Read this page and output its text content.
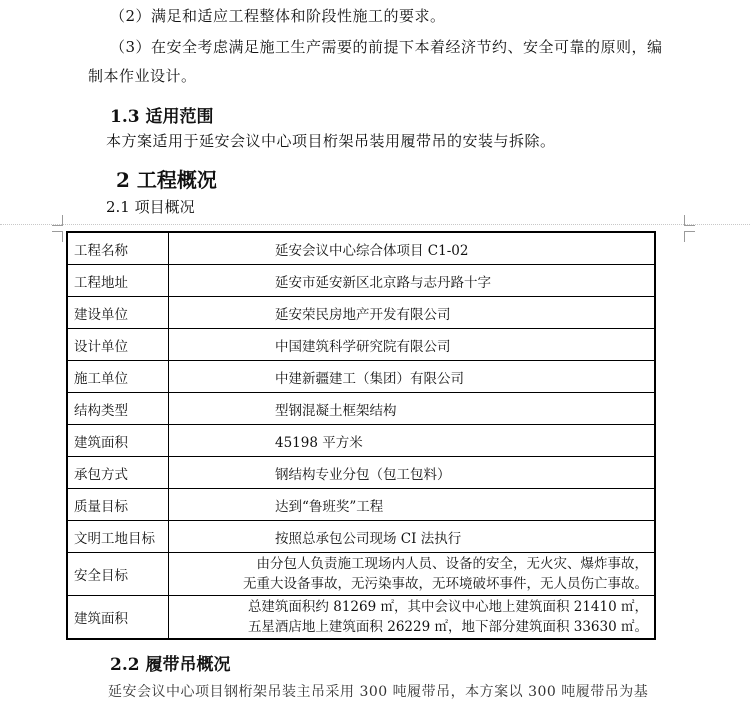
（2）满足和适应工程整体和阶段性施工的要求。
（3）在安全考虑满足施工生产需要的前提下本着经济节约、安全可靠的原则，编
制本作业设计。
1.3 适用范围
本方案适用于延安会议中心项目桁架吊装用履带吊的安装与拆除。
2 工程概况
2.1 项目概况
工程名称	延安会议中心综合体项目 C1-02
工程地址	延安市延安新区北京路与志丹路十字
建设单位	延安荣民房地产开发有限公司
设计单位	中国建筑科学研究院有限公司
施工单位	中建新疆建工（集团）有限公司
结构类型	型钢混凝土框架结构
建筑面积	45198 平方米
承包方式	钢结构专业分包（包工包料）
质量目标	达到“鲁班奖”工程
文明工地目标	按照总承包公司现场 CI 法执行
安全目标	由分包人负责施工现场内人员、设备的安全，无火灾、爆炸事故，
无重大设备事故，无污染事故，无环境破坏事件，无人员伤亡事故。

建筑面积	总建筑面积约 81269 ㎡，其中会议中心地上建筑面积 21410 ㎡，
五星酒店地上建筑面积 26229 ㎡，地下部分建筑面积 33630 ㎡。
2.2 履带吊概况
延安会议中心项目钢桁架吊装主吊采用 300 吨履带吊，本方案以 300 吨履带吊为基
